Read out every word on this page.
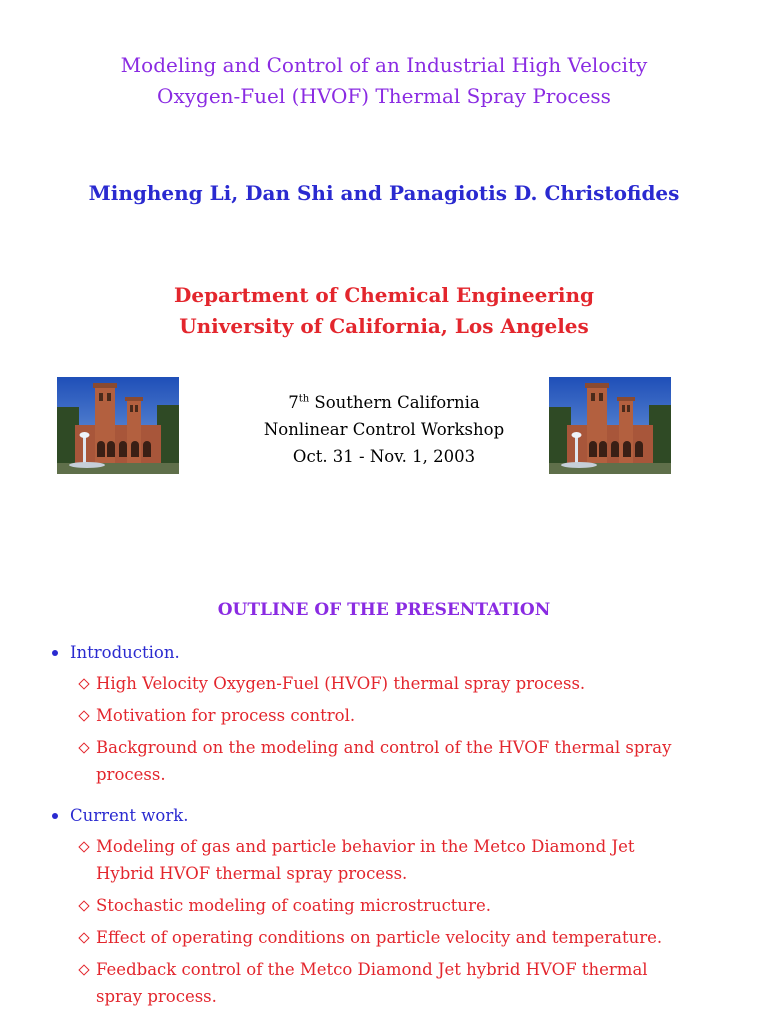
Modeling and Control of an Industrial High Velocity
Oxygen-Fuel (HVOF) Thermal Spray Process
Mingheng Li, Dan Shi and Panagiotis D. Christofides
Department of Chemical Engineering
University of California, Los Angeles
7th Southern California
Nonlinear Control Workshop
Oct. 31 - Nov. 1, 2003
OUTLINE OF THE PRESENTATION
Introduction.
High Velocity Oxygen-Fuel (HVOF) thermal spray process.
Motivation for process control.
Background on the modeling and control of the HVOF thermal spray process.
Current work.
Modeling of gas and particle behavior in the Metco Diamond Jet Hybrid HVOF thermal spray process.
Stochastic modeling of coating microstructure.
Effect of operating conditions on particle velocity and temperature.
Feedback control of the Metco Diamond Jet hybrid HVOF thermal spray process.
